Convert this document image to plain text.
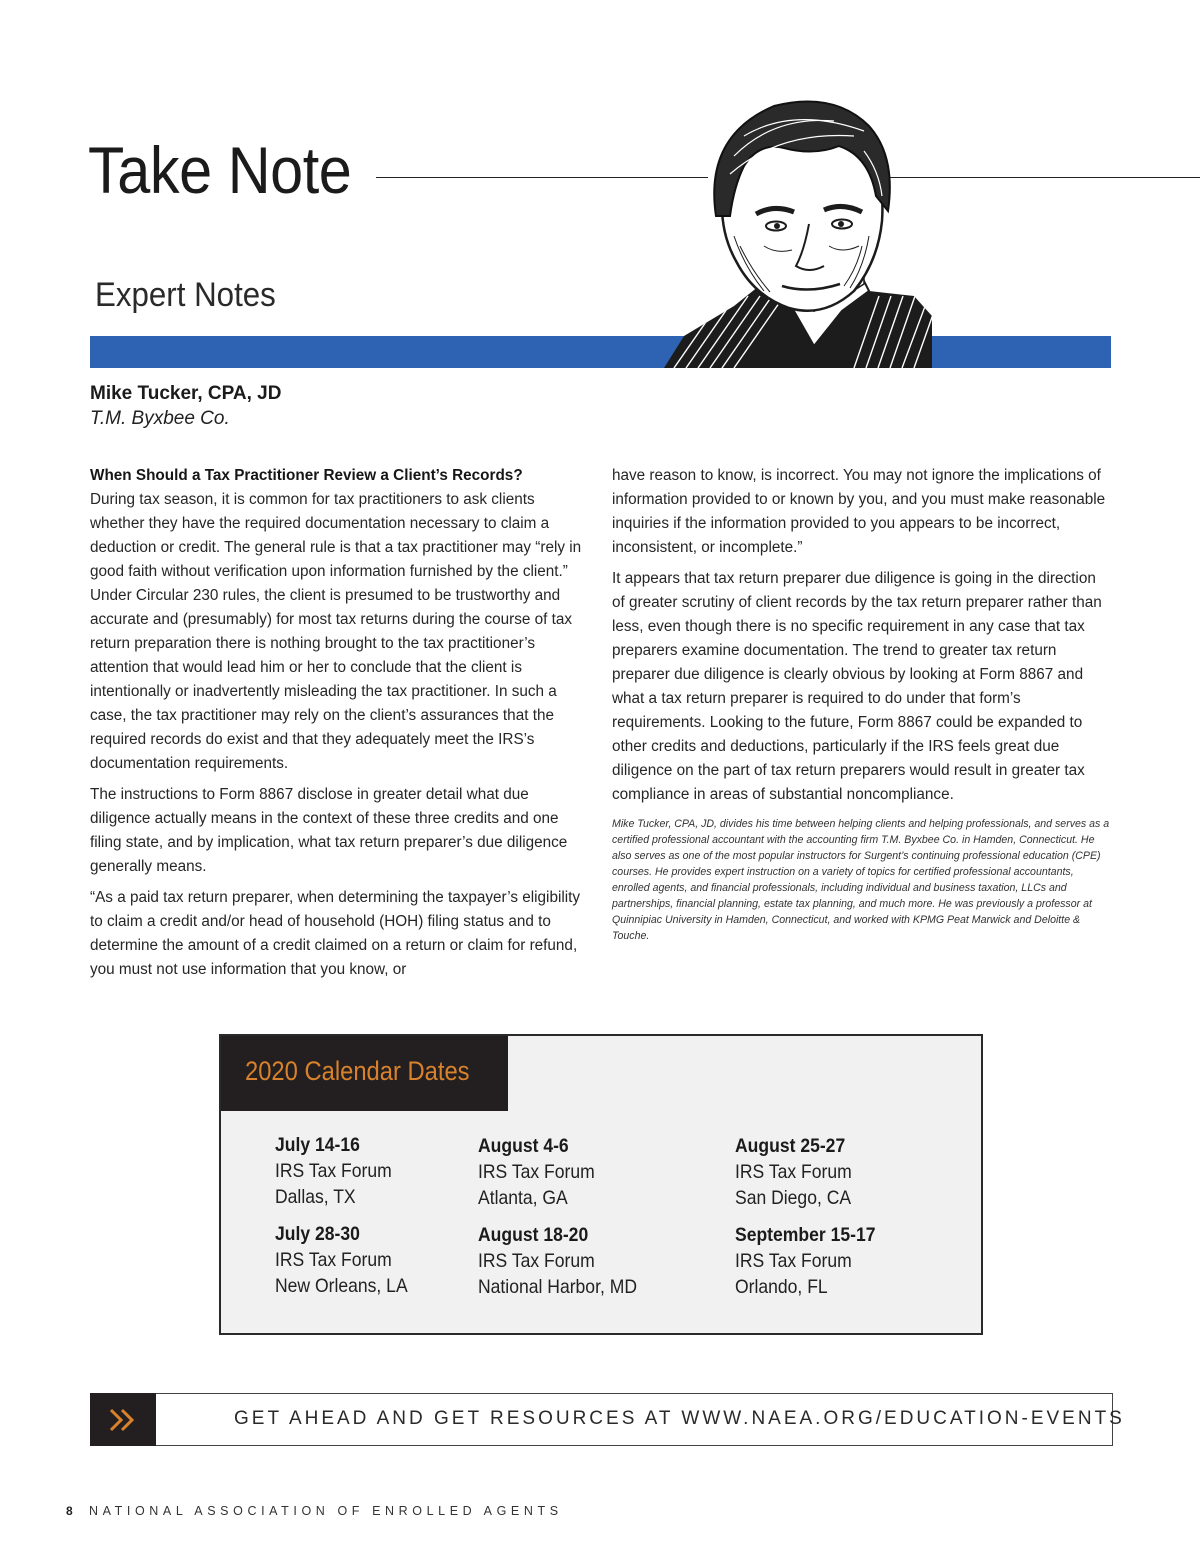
Take Note
Expert Notes
Mike Tucker, CPA, JD
T.M. Byxbee Co.

When Should a Tax Practitioner Review a Client’s Records?
During tax season, it is common for tax practitioners to ask clients whether they have the required documentation necessary to claim a deduction or credit. The general rule is that a tax practitioner may “rely in good faith without verification upon information furnished by the client.” Under Circular 230 rules, the client is presumed to be trustworthy and accurate and (presumably) for most tax returns during the course of tax return preparation there is nothing brought to the tax practitioner’s attention that would lead him or her to conclude that the client is intentionally or inadvertently misleading the tax practitioner. In such a case, the tax practitioner may rely on the client’s assurances that the required records do exist and that they adequately meet the IRS’s documentation requirements.

The instructions to Form 8867 disclose in greater detail what due diligence actually means in the context of these three credits and one filing state, and by implication, what tax return preparer’s due diligence generally means.

“As a paid tax return preparer, when determining the taxpayer’s eligibility to claim a credit and/or head of household (HOH) filing status and to determine the amount of a credit claimed on a return or claim for refund, you must not use information that you know, or

have reason to know, is incorrect. You may not ignore the implications of information provided to or known by you, and you must make reasonable inquiries if the information provided to you appears to be incorrect, inconsistent, or incomplete.”

It appears that tax return preparer due diligence is going in the direction of greater scrutiny of client records by the tax return preparer rather than less, even though there is no specific requirement in any case that tax preparers examine documentation. The trend to greater tax return preparer due diligence is clearly obvious by looking at Form 8867 and what a tax return preparer is required to do under that form’s requirements. Looking to the future, Form 8867 could be expanded to other credits and deductions, particularly if the IRS feels great due diligence on the part of tax return preparers would result in greater tax compliance in areas of substantial noncompliance.

Mike Tucker, CPA, JD, divides his time between helping clients and helping professionals, and serves as a certified professional accountant with the accounting firm T.M. Byxbee Co. in Hamden, Connecticut. He also serves as one of the most popular instructors for Surgent’s continuing professional education (CPE) courses. He provides expert instruction on a variety of topics for certified professional accountants, enrolled agents, and financial professionals, including individual and business taxation, LLCs and partnerships, financial planning, estate tax planning, and much more. He was previously a professor at Quinnipiac University in Hamden, Connecticut, and worked with KPMG Peat Marwick and Deloitte & Touche.

2020 Calendar Dates
July 14-16
IRS Tax Forum
Dallas, TX
July 28-30
IRS Tax Forum
New Orleans, LA
August 4-6
IRS Tax Forum
Atlanta, GA
August 18-20
IRS Tax Forum
National Harbor, MD
August 25-27
IRS Tax Forum
San Diego, CA
September 15-17
IRS Tax Forum
Orlando, FL
GET AHEAD AND GET RESOURCES AT WWW.NAEA.ORG/EDUCATION-EVENTS
8 NATIONAL ASSOCIATION OF ENROLLED AGENTS
